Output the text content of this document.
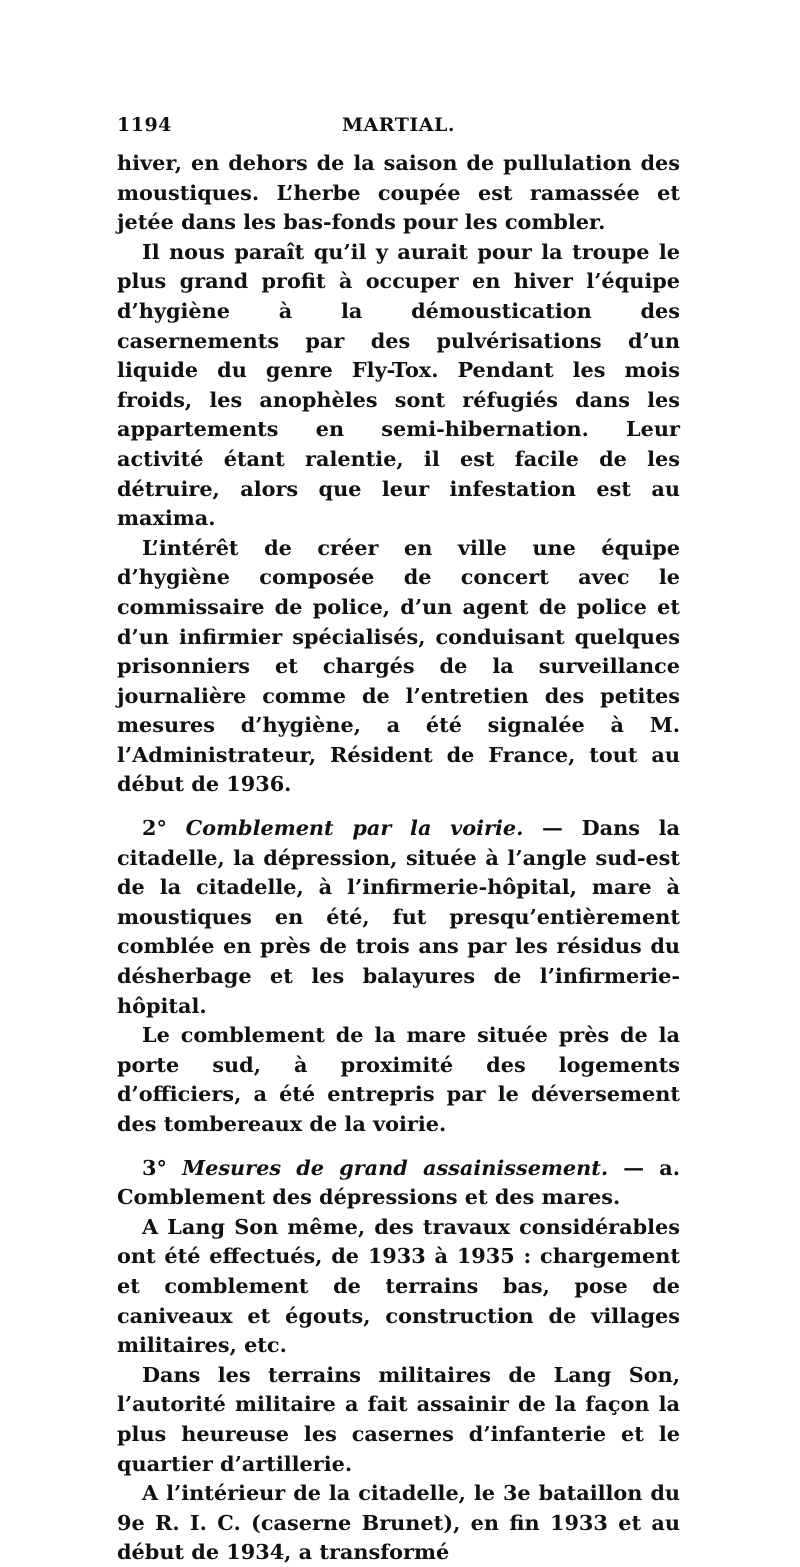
1194	MARTIAL.

hiver, en dehors de la saison de pullulation des moustiques. L’herbe coupée est ramassée et jetée dans les bas-fonds pour les combler.

Il nous paraît qu’il y aurait pour la troupe le plus grand profit à occuper en hiver l’équipe d’hygiène à la démoustication des casernements par des pulvérisations d’un liquide du genre Fly-Tox. Pendant les mois froids, les anophèles sont réfugiés dans les appartements en semi-hibernation. Leur activité étant ralentie, il est facile de les détruire, alors que leur infestation est au maxima.

L’intérêt de créer en ville une équipe d’hygiène composée de concert avec le commissaire de police, d’un agent de police et d’un infirmier spécialisés, conduisant quelques prisonniers et chargés de la surveillance journalière comme de l’entretien des petites mesures d’hygiène, a été signalée à M. l’Administrateur, Résident de France, tout au début de 1936.

2° Comblement par la voirie. — Dans la citadelle, la dépression, située à l’angle sud-est de la citadelle, à l’infirmerie-hôpital, mare à moustiques en été, fut presqu’entièrement comblée en près de trois ans par les résidus du désherbage et les balayures de l’infirmerie-hôpital.

Le comblement de la mare située près de la porte sud, à proximité des logements d’officiers, a été entrepris par le déversement des tombereaux de la voirie.

3° Mesures de grand assainissement. — a. Comblement des dépressions et des mares.

A Lang Son même, des travaux considérables ont été effectués, de 1933 à 1935 : chargement et comblement de terrains bas, pose de caniveaux et égouts, construction de villages militaires, etc.

Dans les terrains militaires de Lang Son, l’autorité militaire a fait assainir de la façon la plus heureuse les casernes d’infanterie et le quartier d’artillerie.

A l’intérieur de la citadelle, le 3e bataillon du 9e R. I. C. (caserne Brunet), en fin 1933 et au début de 1934, a transformé
